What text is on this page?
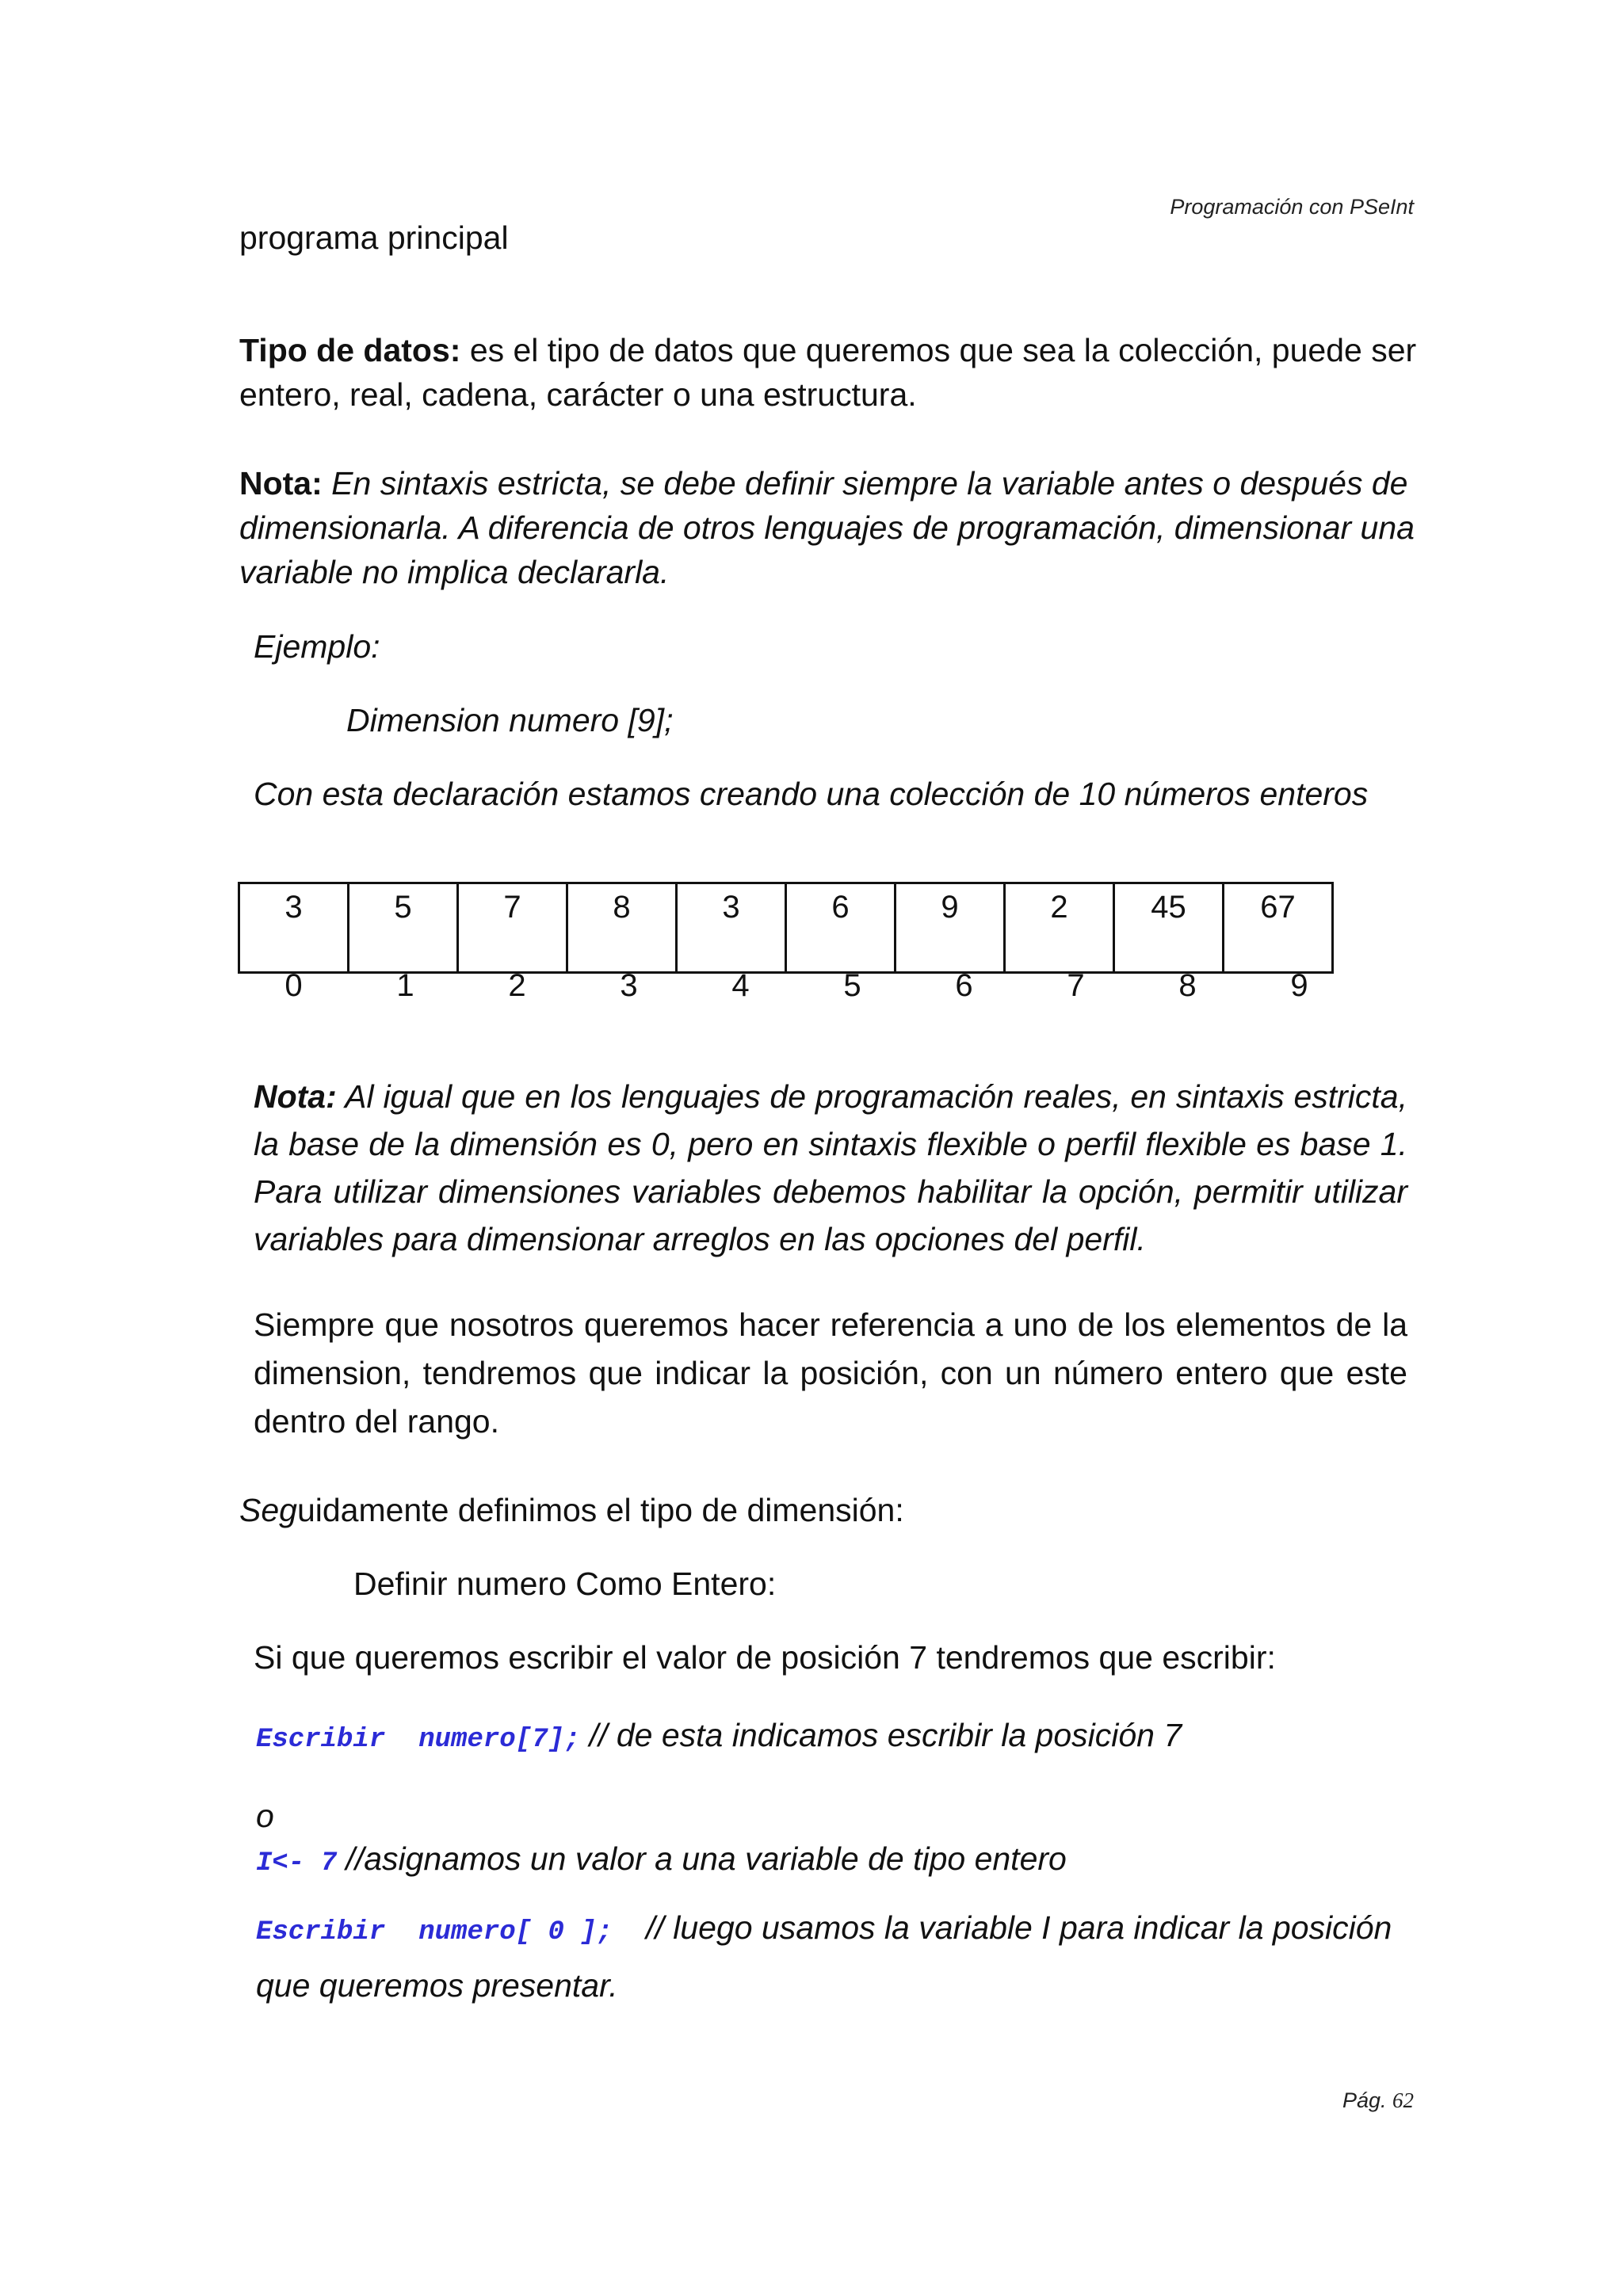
Programación con PSeInt
programa principal
Tipo de datos: es el tipo de datos que queremos que sea la colección, puede ser
entero, real, cadena, carácter o una estructura.
Nota: En sintaxis estricta, se debe definir siempre la variable antes o después de
dimensionarla. A diferencia de otros lenguajes de programación, dimensionar una
variable no implica declararla.
Ejemplo:
Dimension numero [9];
Con esta declaración estamos creando una colección de 10 números enteros
3	5	7	8	3	6	9	2	45	67
0	1	2	3	4	5	6	7	8	9
Nota: Al igual que en los lenguajes de programación reales, en sintaxis estricta,
la base de la dimensión es 0, pero en sintaxis flexible o perfil flexible es base 1.
Para utilizar dimensiones variables debemos habilitar la opción, permitir utilizar
variables para dimensionar arreglos en las opciones del perfil.
Siempre que nosotros queremos hacer referencia a uno de los elementos de la
dimension, tendremos que indicar la posición, con un número entero que este
dentro del rango.
Seguidamente definimos el tipo de dimensión:
Definir numero Como Entero:
Si que queremos escribir el valor de posición 7 tendremos que escribir:
Escribir numero[7]; // de esta indicamos escribir la posición 7
o
I<- 7 //asignamos un valor a una variable de tipo entero
Escribir numero[ 0 ]; // luego usamos la variable I para indicar la posición
que queremos presentar.
Pág. 62
